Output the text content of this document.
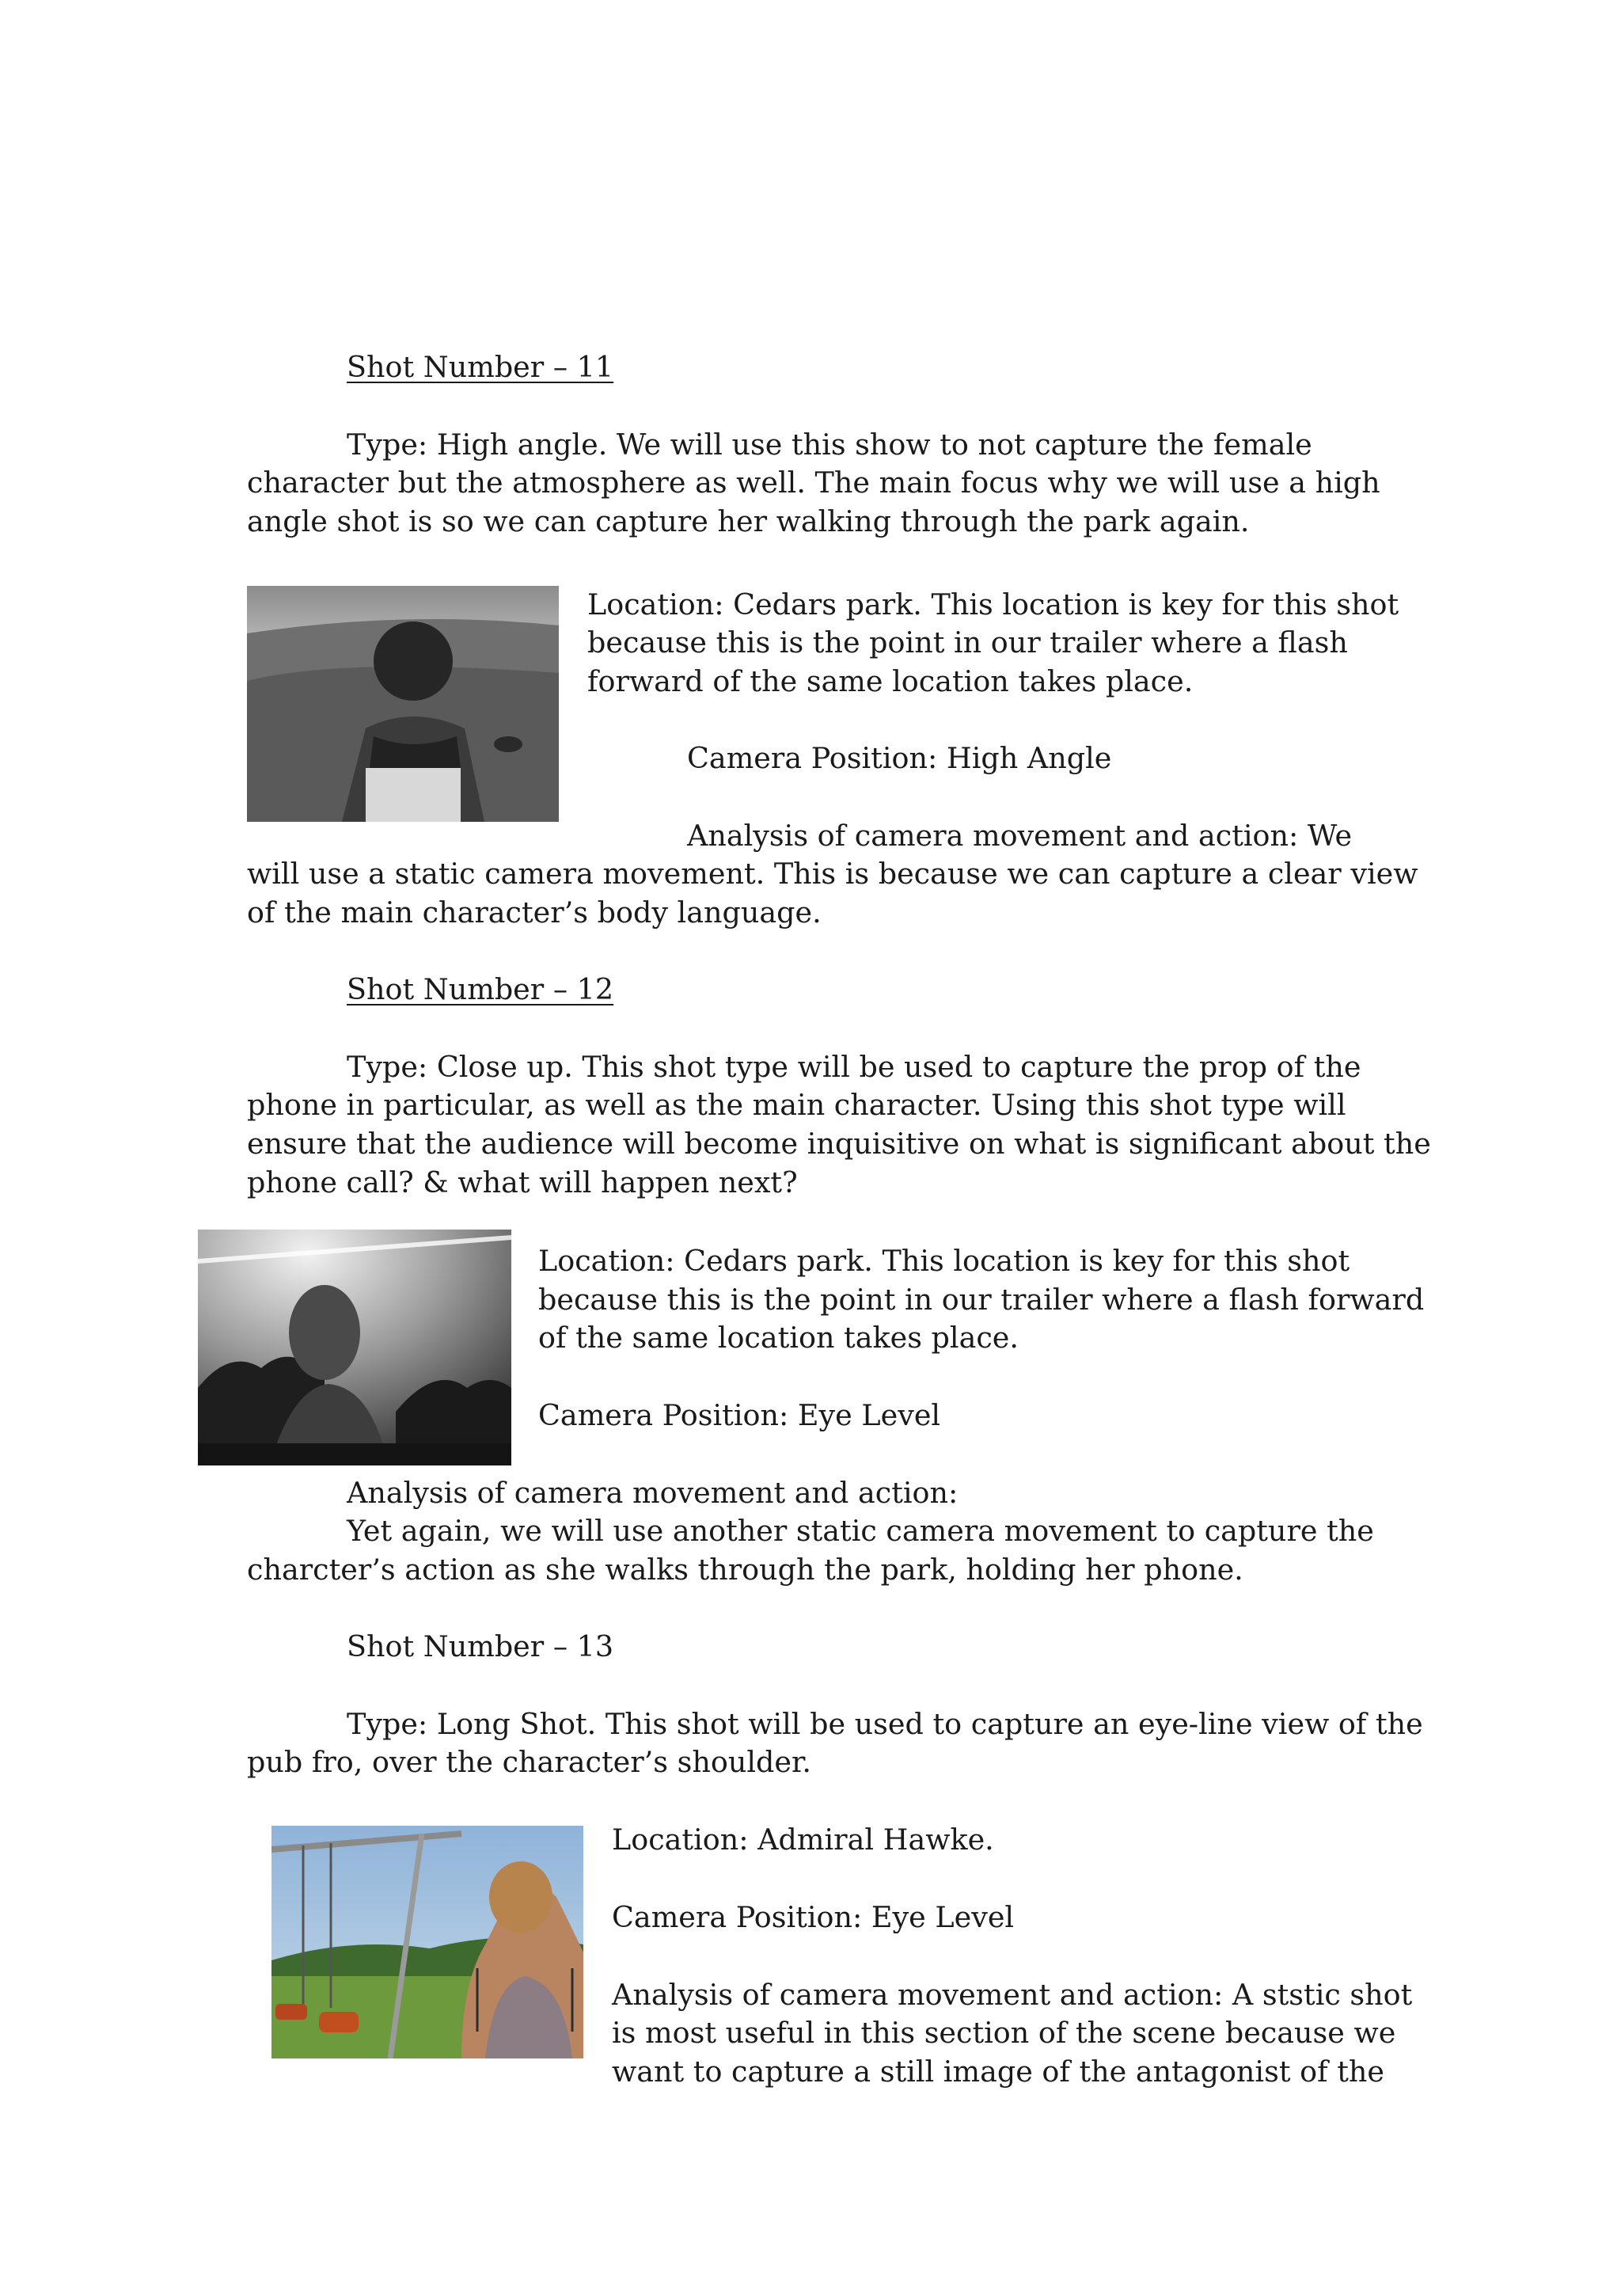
Shot Number – 11

Type: High angle. We will use this show to not capture the female

character but the atmosphere as well. The main focus why we will use a high

angle shot is so we can capture her walking through the park again.

Location: Cedars park. This location is key for this shot

because this is the point in our trailer where a flash

forward of the same location takes place.

Camera Position: High Angle

Analysis of camera movement and action: We

will use a static camera movement. This is because we can capture a clear view

of the main character’s body language.

Shot Number – 12

Type: Close up. This shot type will be used to capture the prop of the

phone in particular, as well as the main character. Using this shot type will

ensure that the audience will become inquisitive on what is significant about the

phone call? & what will happen next?

Location: Cedars park. This location is key for this shot

because this is the point in our trailer where a flash forward

of the same location takes place.

Camera Position: Eye Level

Analysis of camera movement and action:

Yet again, we will use another static camera movement to capture the

charcter’s action as she walks through the park, holding her phone.

Shot Number – 13

Type: Long Shot. This shot will be used to capture an eye-line view of the

pub fro, over the character’s shoulder.

Location: Admiral Hawke.

Camera Position: Eye Level

Analysis of camera movement and action: A ststic shot

is most useful in this section of the scene because we

want to capture a still image of the antagonist of the
